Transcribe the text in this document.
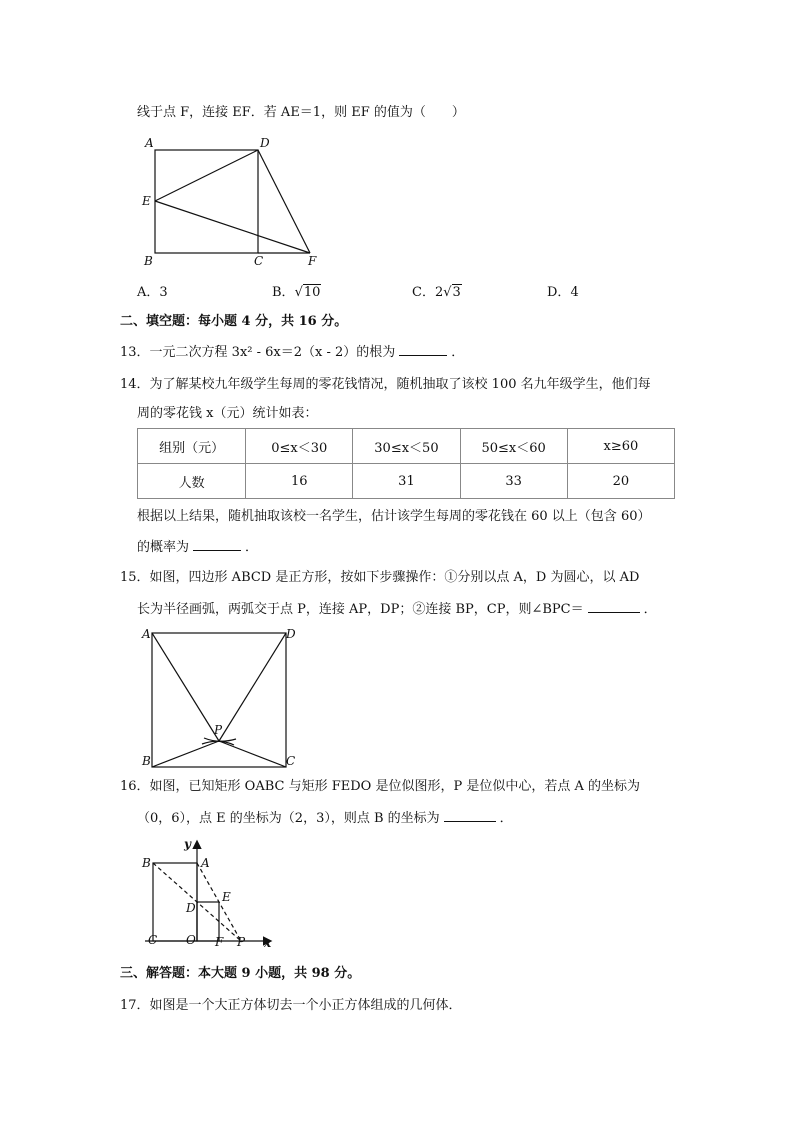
线于点 F，连接 EF．若 AE＝1，则 EF 的值为（　　）
A	D
E
B	C	F
A．3	B．√10	C．2√3	D．4
二、填空题：每小题 4 分，共 16 分。
13．一元二次方程 3x² - 6x＝2（x - 2）的根为	．
14．为了解某校九年级学生每周的零花钱情况，随机抽取了该校 100 名九年级学生，他们每
周的零花钱 x（元）统计如表：
组别（元）	0≤x＜30	30≤x＜50	50≤x＜60	x≥60
人数	16	31	33	20
根据以上结果，随机抽取该校一名学生，估计该学生每周的零花钱在 60 以上（包含 60）
的概率为	．
15．如图，四边形 ABCD 是正方形，按如下步骤操作：①分别以点 A，D 为圆心，以 AD
长为半径画弧，两弧交于点 P，连接 AP，DP；②连接 BP，CP，则∠BPC＝	．
A	D
P
B	C
16．如图，已知矩形 OABC 与矩形 FEDO 是位似图形，P 是位似中心，若点 A 的坐标为
（0，6），点 E 的坐标为（2，3），则点 B 的坐标为	．
y
x
B	A
E
D
C O F P
三、解答题：本大题 9 小题，共 98 分。
17．如图是一个大正方体切去一个小正方体组成的几何体．
